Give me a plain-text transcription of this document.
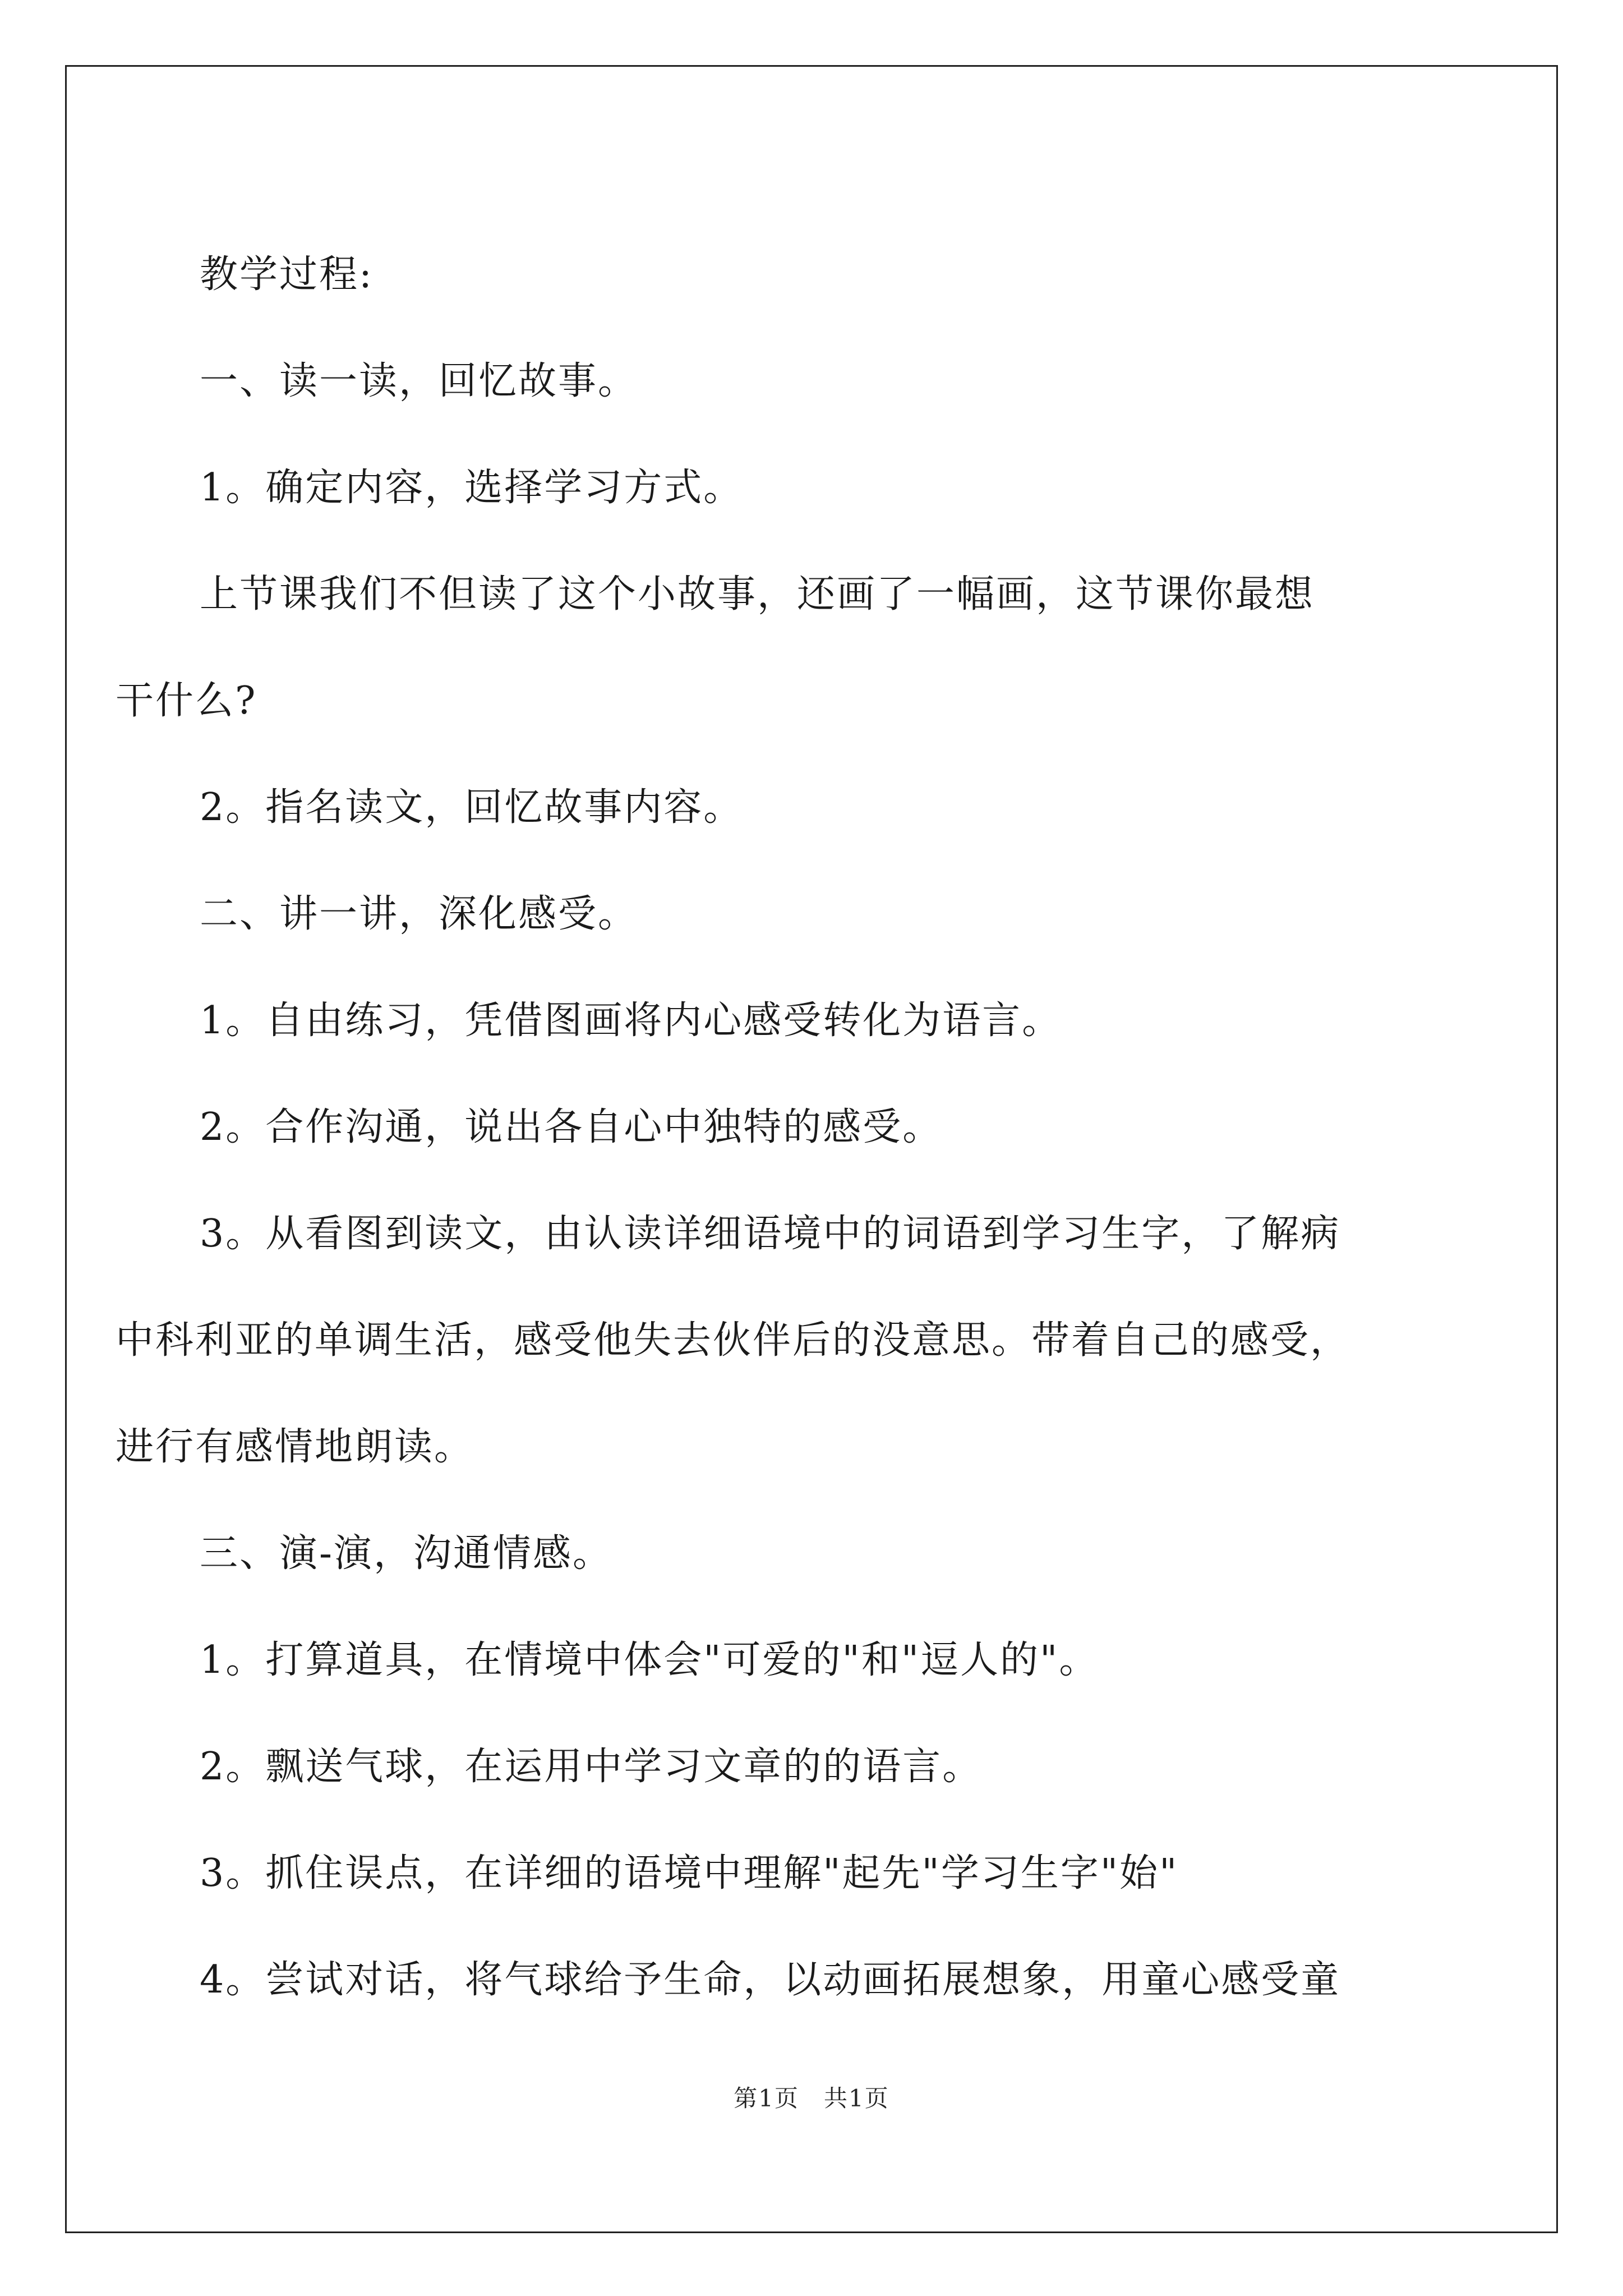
教学过程:
一、读一读，回忆故事。
1。确定内容，选择学习方式。
上节课我们不但读了这个小故事，还画了一幅画，这节课你最想
干什么?
2。指名读文，回忆故事内容。
二、讲一讲，深化感受。
1。自由练习，凭借图画将内心感受转化为语言。
2。合作沟通，说出各自心中独特的感受。
3。从看图到读文，由认读详细语境中的词语到学习生字，了解病
中科利亚的单调生活，感受他失去伙伴后的没意思。带着自己的感受，
进行有感情地朗读。
三、演-演，沟通情感。
1。打算道具，在情境中体会"可爱的"和"逗人的"。
2。飘送气球，在运用中学习文章的的语言。
3。抓住误点，在详细的语境中理解"起先"学习生字"始"
4。尝试对话，将气球给予生命，以动画拓展想象，用童心感受童
第1页　共1页
